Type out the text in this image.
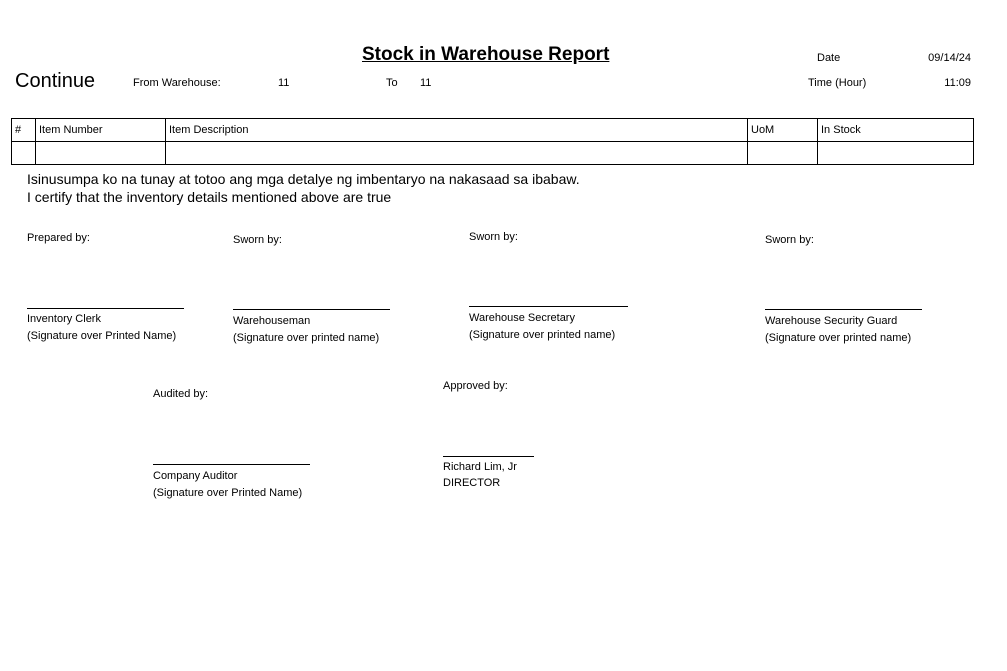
Stock in Warehouse Report
Continue	From Warehouse:	11	To 11
Date	09/14/24
Time (Hour)	11:09
#	Item Number	Item Description	UoM	In Stock

Isinusumpa ko na tunay at totoo ang mga detalye ng imbentaryo na nakasaad sa ibabaw.
I certify that the inventory details mentioned above are true
Prepared by:
Inventory Clerk
(Signature over Printed Name)
Sworn by:
Warehouseman
(Signature over printed name)
Sworn by:
Warehouse Secretary
(Signature over printed name)
Sworn by:
Warehouse Security Guard
(Signature over printed name)
Audited by:
Company Auditor
(Signature over Printed Name)
Approved by:
Richard Lim, Jr
DIRECTOR
